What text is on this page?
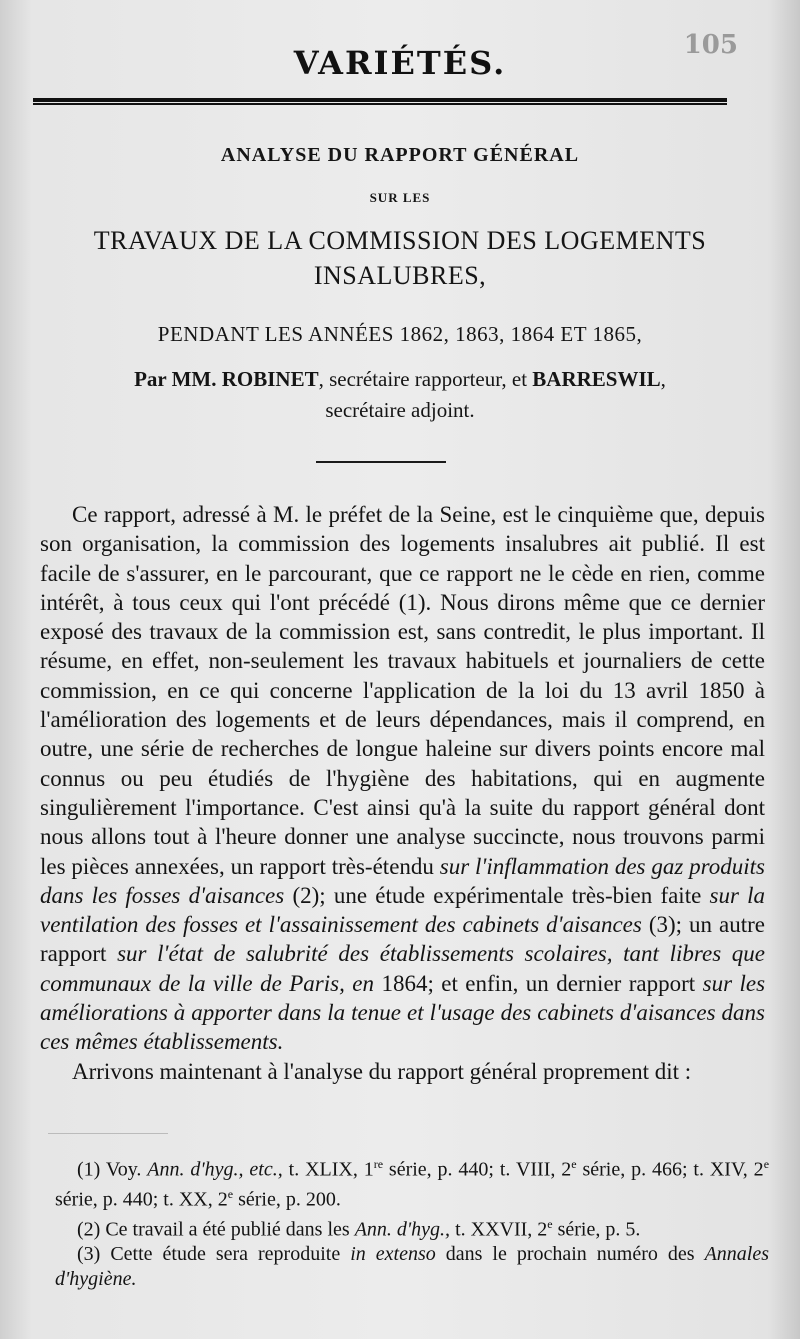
105
VARIÉTÉS.
ANALYSE DU RAPPORT GÉNÉRAL
SUR LES
TRAVAUX DE LA COMMISSION DES LOGEMENTS
INSALUBRES,
PENDANT LES ANNÉES 1862, 1863, 1864 ET 1865,
Par MM. ROBINET, secrétaire rapporteur, et BARRESWIL,
secrétaire adjoint.

Ce rapport, adressé à M. le préfet de la Seine, est le cinquième que, depuis son organisation, la commission des logements insalubres ait publié. Il est facile de s'assurer, en le parcourant, que ce rapport ne le cède en rien, comme intérêt, à tous ceux qui l'ont précédé (1). Nous dirons même que ce dernier exposé des travaux de la commission est, sans contredit, le plus important. Il résume, en effet, non-seulement les travaux habituels et journaliers de cette commission, en ce qui concerne l'application de la loi du 13 avril 1850 à l'amélioration des logements et de leurs dépendances, mais il comprend, en outre, une série de recherches de longue haleine sur divers points encore mal connus ou peu étudiés de l'hygiène des habitations, qui en augmente singulièrement l'importance. C'est ainsi qu'à la suite du rapport général dont nous allons tout à l'heure donner une analyse succincte, nous trouvons parmi les pièces annexées, un rapport très-étendu sur l'inflammation des gaz produits dans les fosses d'aisances (2); une étude expérimentale très-bien faite sur la ventilation des fosses et l'assainissement des cabinets d'aisances (3); un autre rapport sur l'état de salubrité des établissements scolaires, tant libres que communaux de la ville de Paris, en 1864; et enfin, un dernier rapport sur les améliorations à apporter dans la tenue et l'usage des cabinets d'aisances dans ces mêmes établissements.

Arrivons maintenant à l'analyse du rapport général proprement dit :

(1) Voy. Ann. d'hyg., etc., t. XLIX, 1re série, p. 440; t. VIII, 2e série, p. 466; t. XIV, 2e série, p. 440; t. XX, 2e série, p. 200.

(2) Ce travail a été publié dans les Ann. d'hyg., t. XXVII, 2e série, p. 5.

(3) Cette étude sera reproduite in extenso dans le prochain numéro des Annales d'hygiène.
